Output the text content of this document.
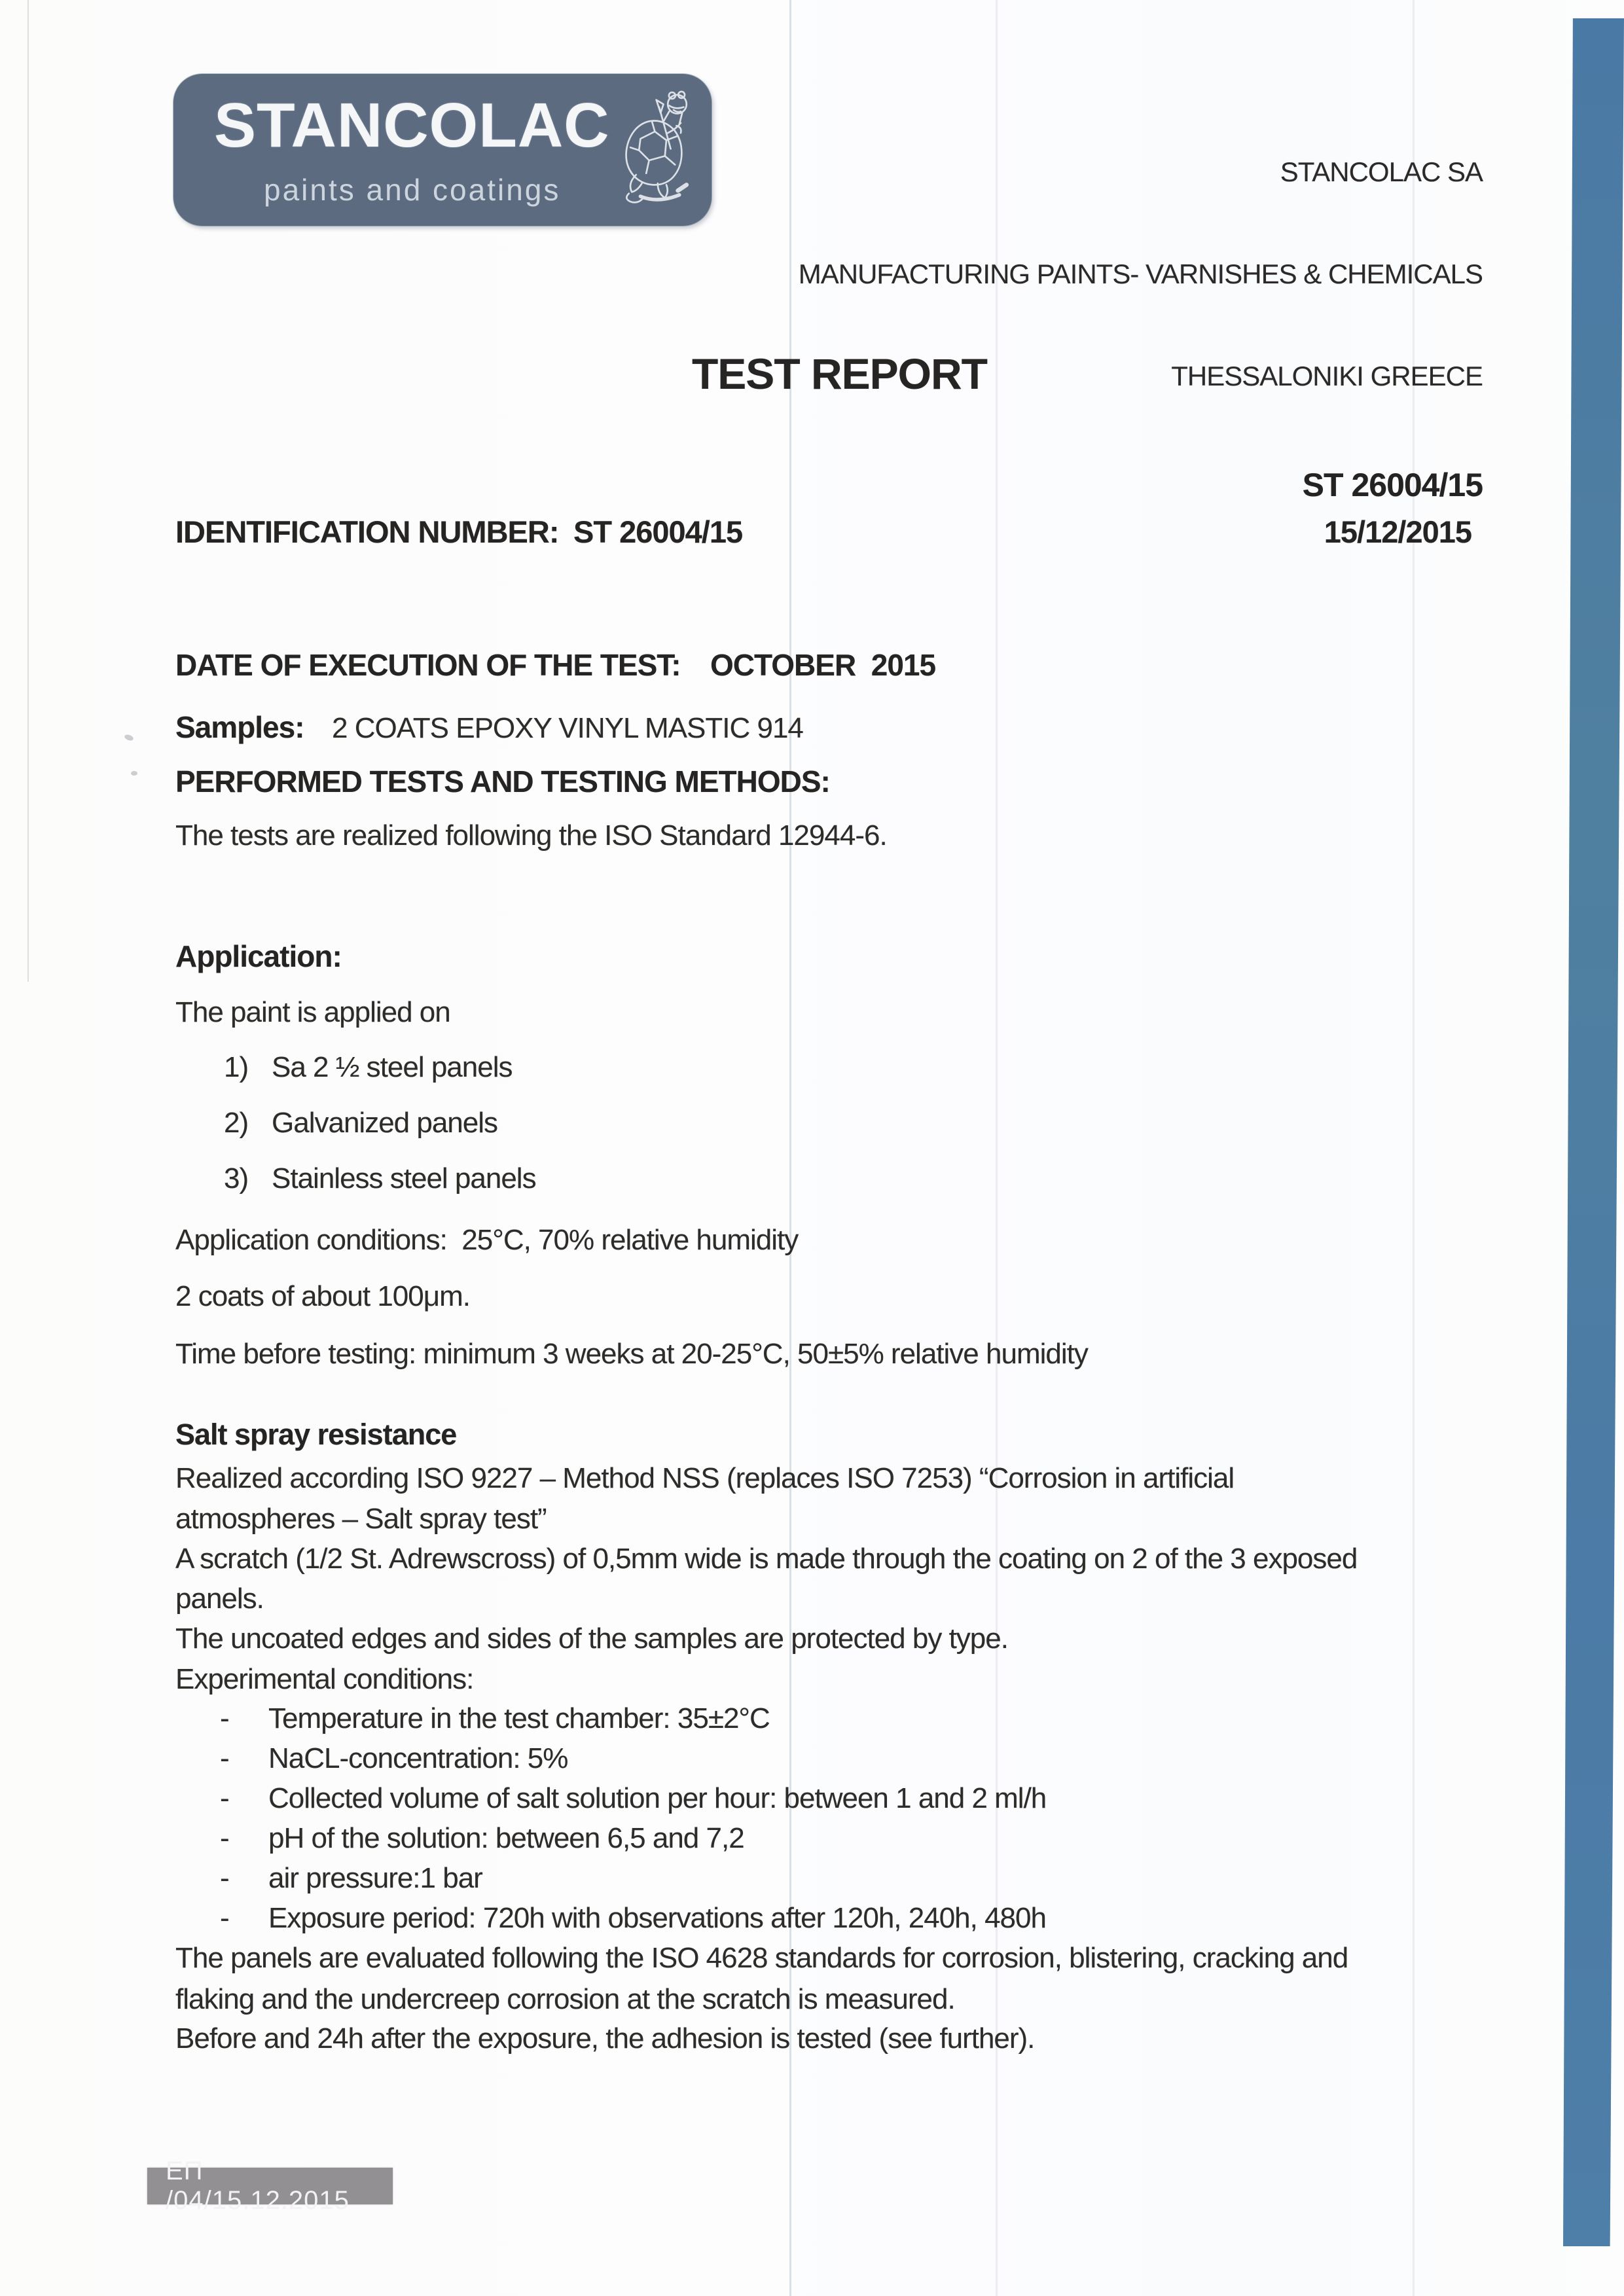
STANCOLAC
paints and coatings

STANCOLAC SA

MANUFACTURING PAINTS- VARNISHES & CHEMICALS

THESSALONIKI GREECE

ST 26004/15

TEST REPORT
IDENTIFICATION NUMBER: ST 26004/15	15/12/2015
DATE OF EXECUTION OF THE TEST: OCTOBER  2015
Samples: 2 COATS EPOXY VINYL MASTIC 914
PERFORMED TESTS AND TESTING METHODS:
The tests are realized following the ISO Standard 12944-6.
Application:
The paint is applied on
1) Sa 2 ½ steel panels
2) Galvanized panels
3) Stainless steel panels
Application conditions:  25°C, 70% relative humidity
2 coats of about 100μm.
Time before testing: minimum 3 weeks at 20-25°C, 50±5% relative humidity
Salt spray resistance
Realized according ISO 9227 – Method NSS (replaces ISO 7253) “Corrosion in artificial
atmospheres – Salt spray test”
A scratch (1/2 St. Adrewscross) of 0,5mm wide is made through the coating on 2 of the 3 exposed
panels.
The uncoated edges and sides of the samples are protected by type.
Experimental conditions:
- Temperature in the test chamber: 35±2°C
- NaCL-concentration: 5%
- Collected volume of salt solution per hour: between 1 and 2 ml/h
- pH of the solution: between 6,5 and 7,2
- air pressure:1 bar
- Exposure period: 720h with observations after 120h, 240h, 480h
The panels are evaluated following the ISO 4628 standards for corrosion, blistering, cracking and
flaking and the undercreep corrosion at the scratch is measured.
Before and 24h after the exposure, the adhesion is tested (see further).
ΕΠ  /04/15.12.2015
